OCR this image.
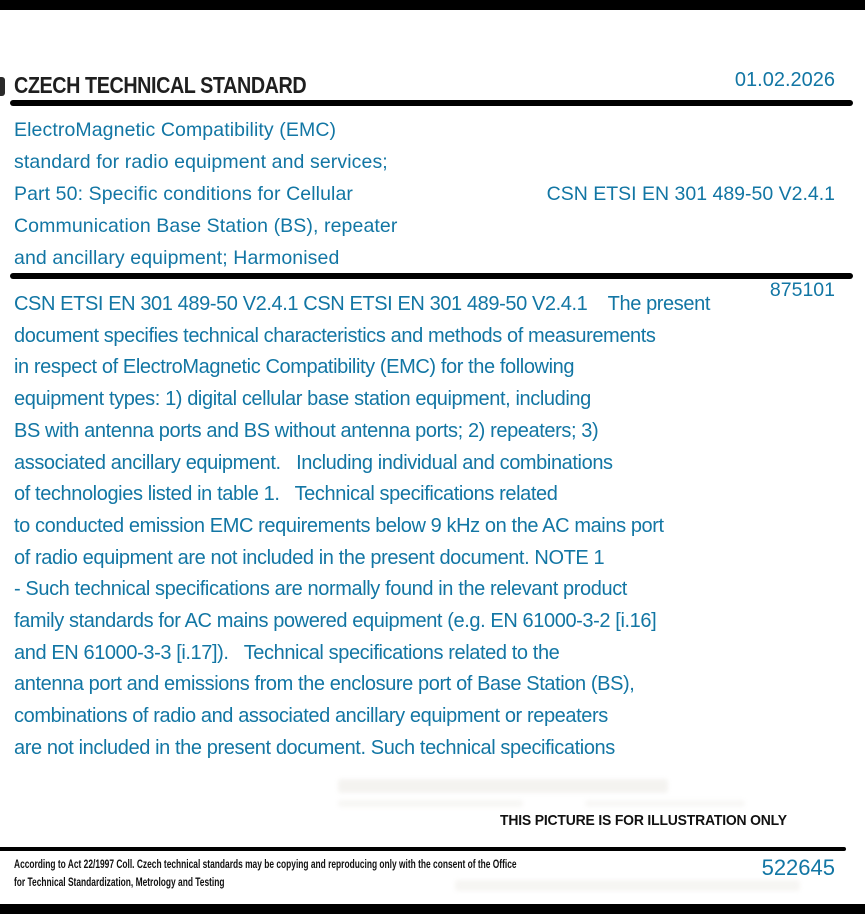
CZECH TECHNICAL STANDARD	01.02.2026
ElectroMagnetic Compatibility (EMC)
standard for radio equipment and services;
Part 50: Specific conditions for Cellular
Communication Base Station (BS), repeater
and ancillary equipment; Harmonised

CSN ETSI EN 301 489-50 V2.4.1

875101

CSN ETSI EN 301 489-50 V2.4.1 CSN ETSI EN 301 489-50 V2.4.1    The present
document specifies technical characteristics and methods of measurements
in respect of ElectroMagnetic Compatibility (EMC) for the following
equipment types: 1) digital cellular base station equipment, including
BS with antenna ports and BS without antenna ports; 2) repeaters; 3)
associated ancillary equipment.   Including individual and combinations
of technologies listed in table 1.   Technical specifications related
to conducted emission EMC requirements below 9 kHz on the AC mains port
of radio equipment are not included in the present document. NOTE 1
- Such technical specifications are normally found in the relevant product
family standards for AC mains powered equipment (e.g. EN 61000-3-2 [i.16]
and EN 61000-3-3 [i.17]).   Technical specifications related to the
antenna port and emissions from the enclosure port of Base Station (BS),
combinations of radio and associated ancillary equipment or repeaters
are not included in the present document. Such technical specifications
THIS PICTURE IS FOR ILLUSTRATION ONLY
According to Act 22/1997 Coll. Czech technical standards may be copying and reproducing only with the consent of the Office
for Technical Standardization, Metrology and Testing
522645
